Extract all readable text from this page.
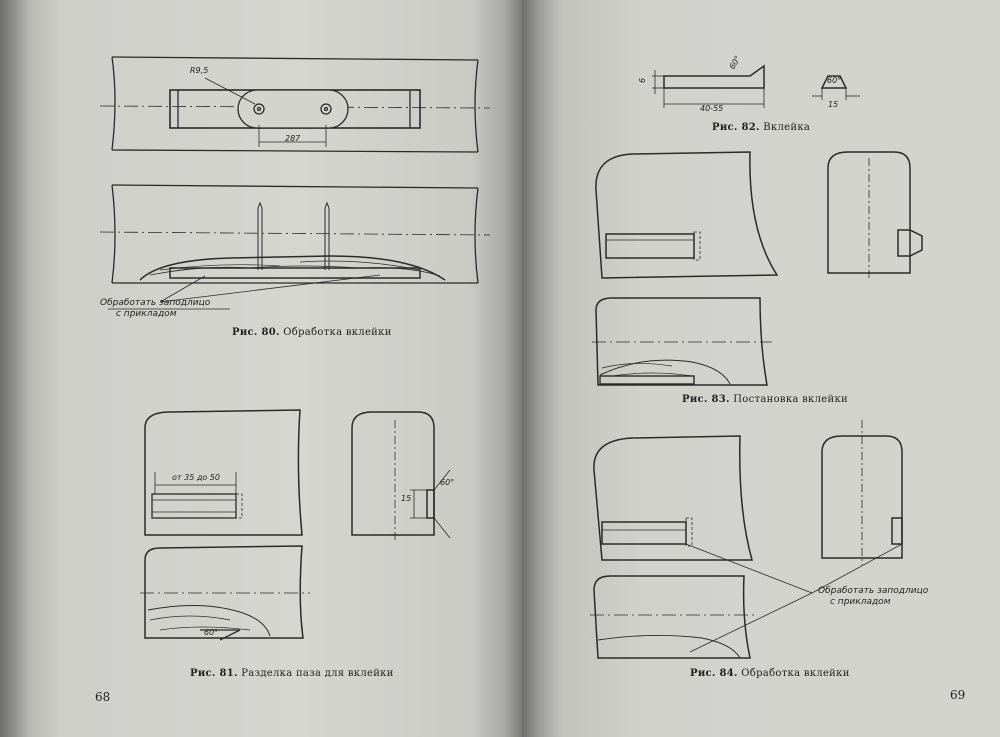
R9,5
287
Обработать заподлицо
с прикладом
Рис. 80. Обработка вклейки
от 35 до 50
15
60°
60°
Рис. 81. Разделка паза для вклейки
68
6
40-55
60°
60°
15
Рис. 82. Вклейка
Рис. 83. Постановка вклейки
Обработать заподлицо
с прикладом
Рис. 84. Обработка вклейки
69
